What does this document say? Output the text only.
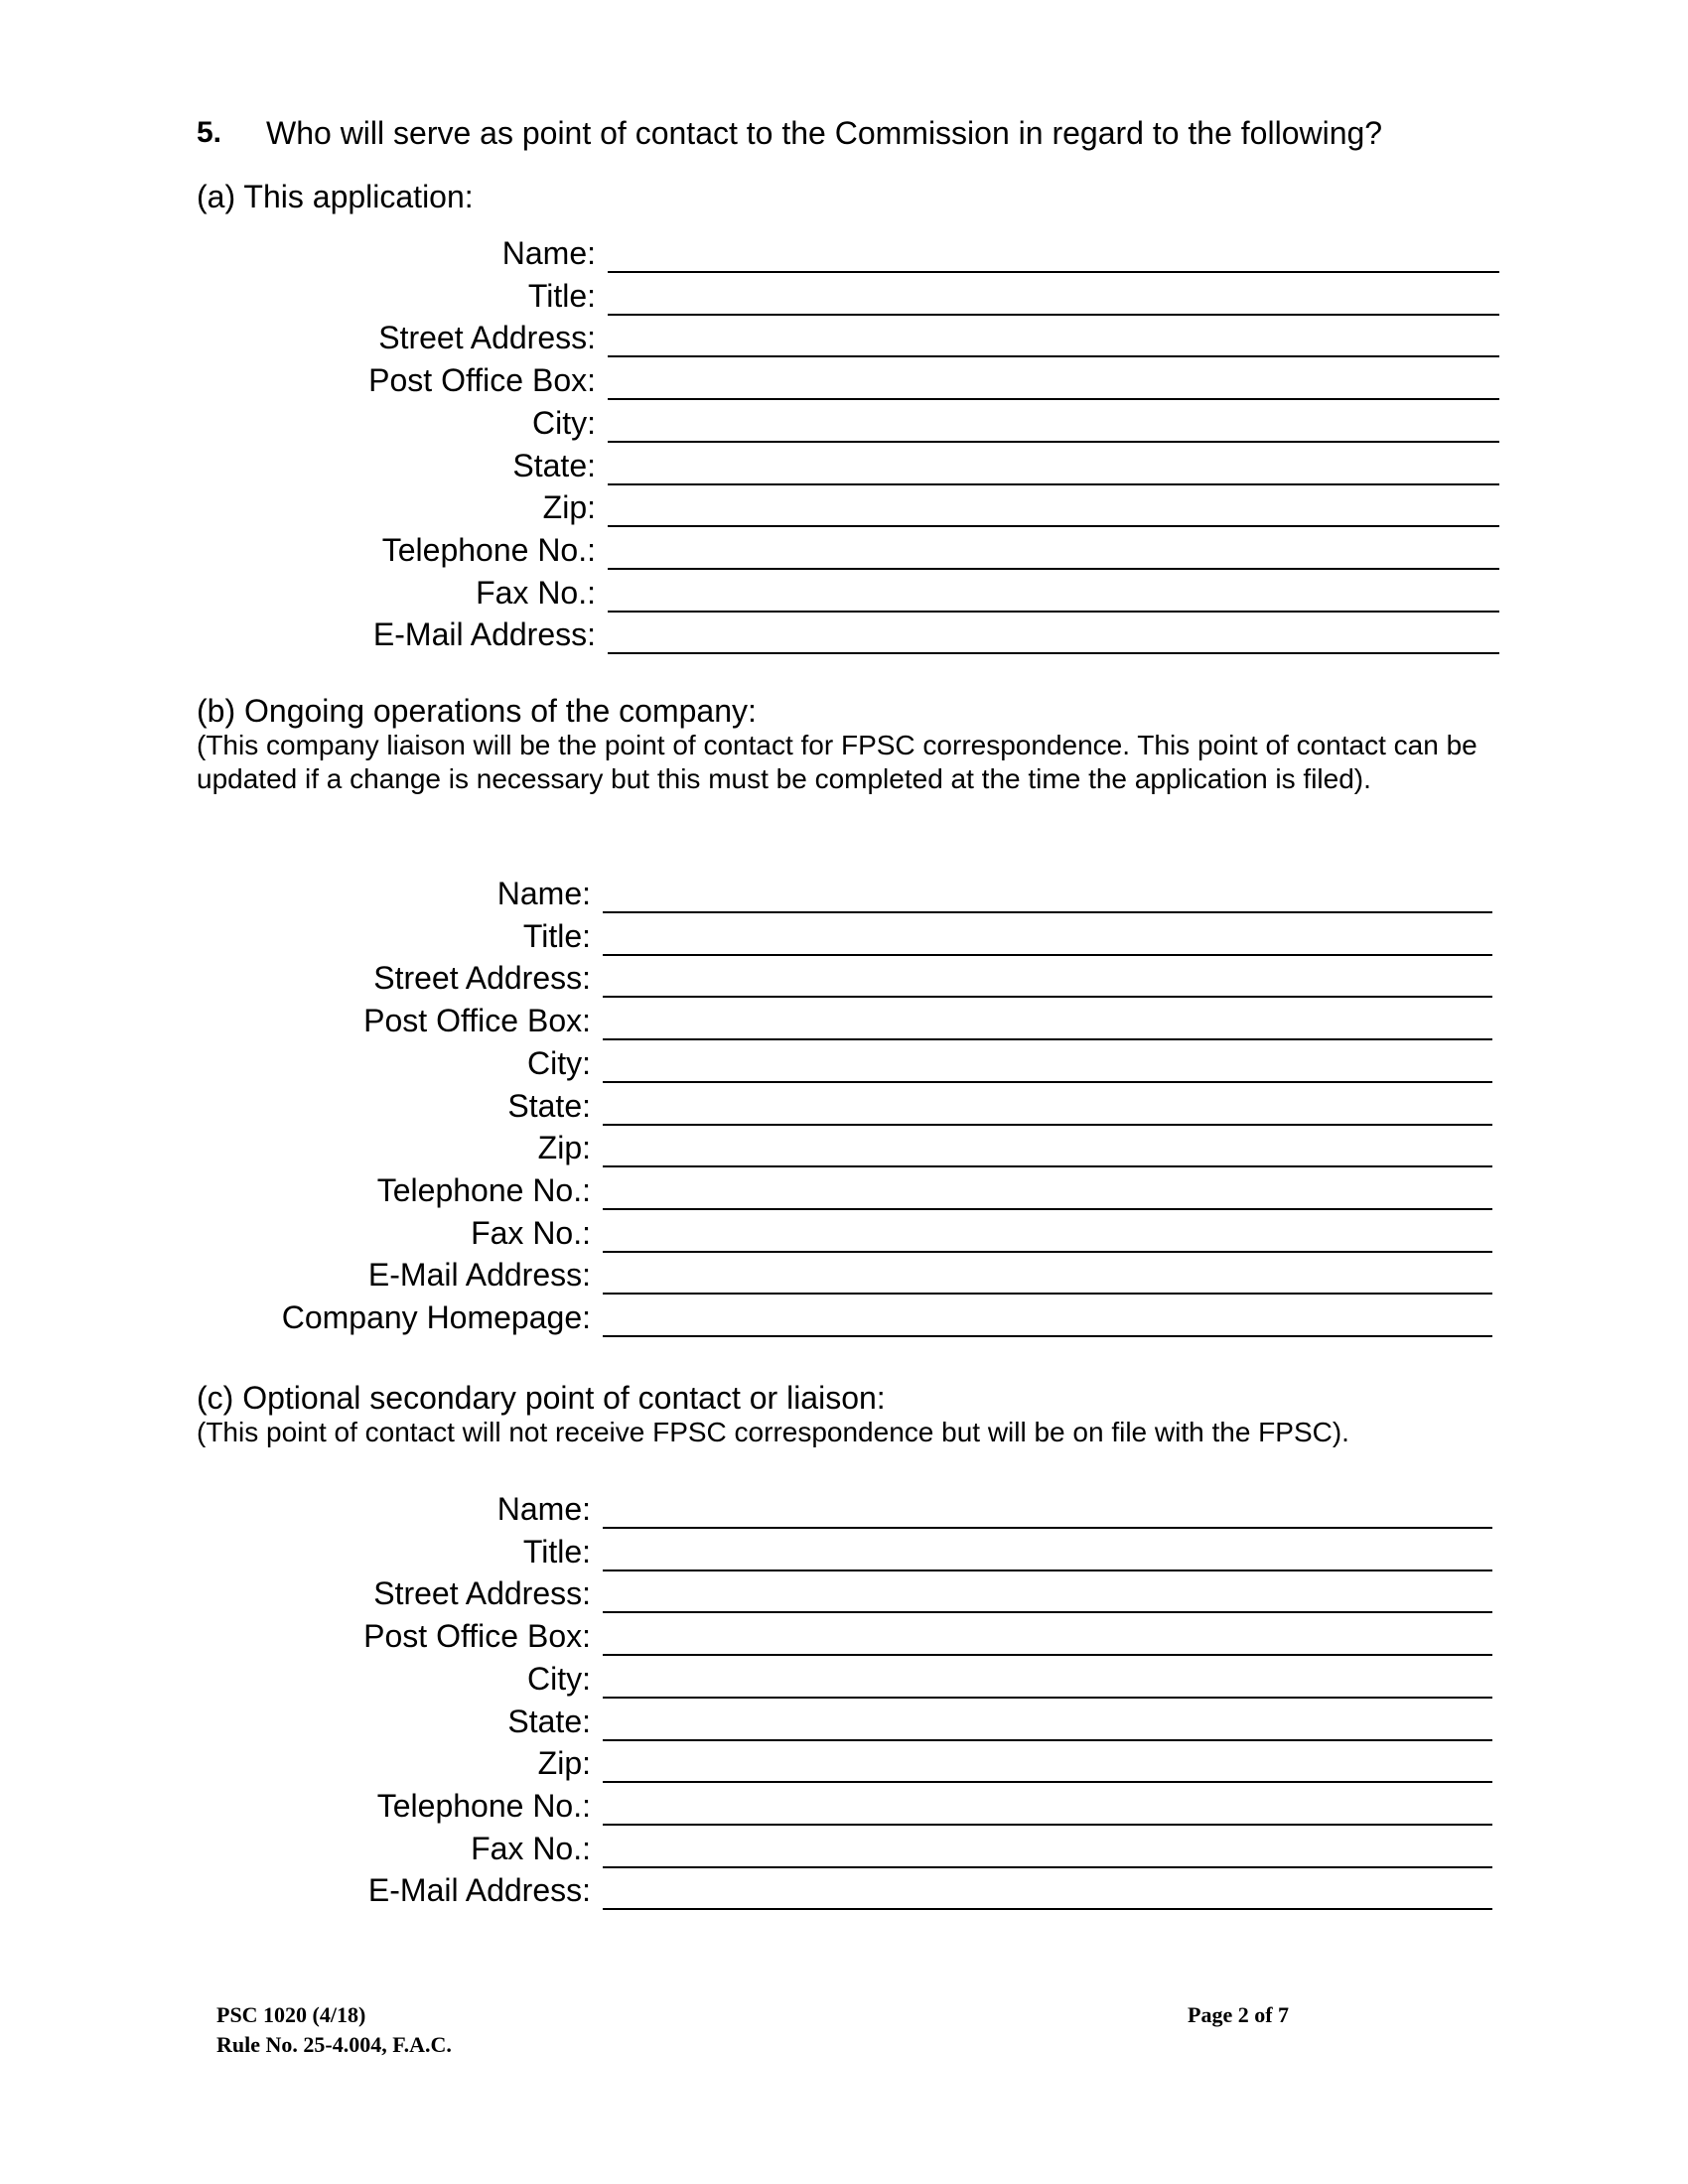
5. Who will serve as point of contact to the Commission in regard to the following?
(a) This application:
Name:
Title:
Street Address:
Post Office Box:
City:
State:
Zip:
Telephone No.:
Fax No.:
E-Mail Address:
(b) Ongoing operations of the company:
(This company liaison will be the point of contact for FPSC correspondence. This point of contact can be updated if a change is necessary but this must be completed at the time the application is filed).
Name:
Title:
Street Address:
Post Office Box:
City:
State:
Zip:
Telephone No.:
Fax No.:
E-Mail Address:
Company Homepage:
(c) Optional secondary point of contact or liaison:
(This point of contact will not receive FPSC correspondence but will be on file with the FPSC).
Name:
Title:
Street Address:
Post Office Box:
City:
State:
Zip:
Telephone No.:
Fax No.:
E-Mail Address:
PSC 1020 (4/18)
Rule No. 25-4.004, F.A.C.
Page 2 of 7
